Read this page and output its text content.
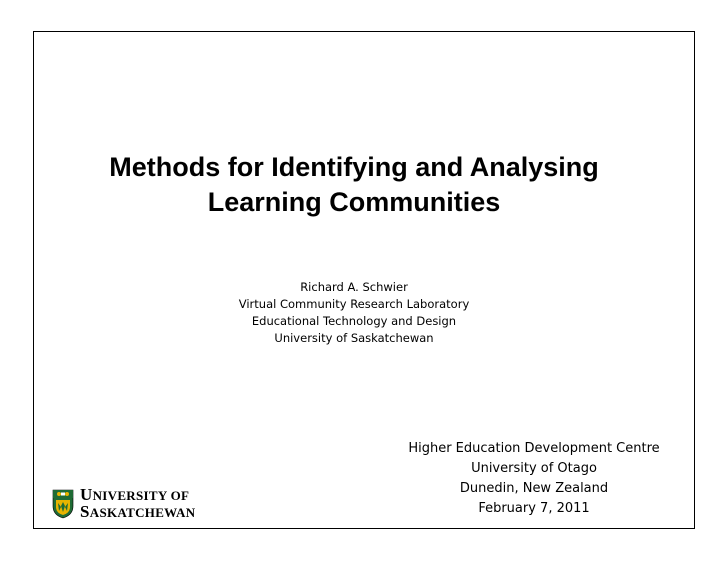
Methods for Identifying and Analysing
Learning Communities
Richard A. Schwier
Virtual Community Research Laboratory
Educational Technology and Design
University of Saskatchewan
Higher Education Development Centre
University of Otago
Dunedin, New Zealand
February 7, 2011
UNIVERSITY OF
SASKATCHEWAN
